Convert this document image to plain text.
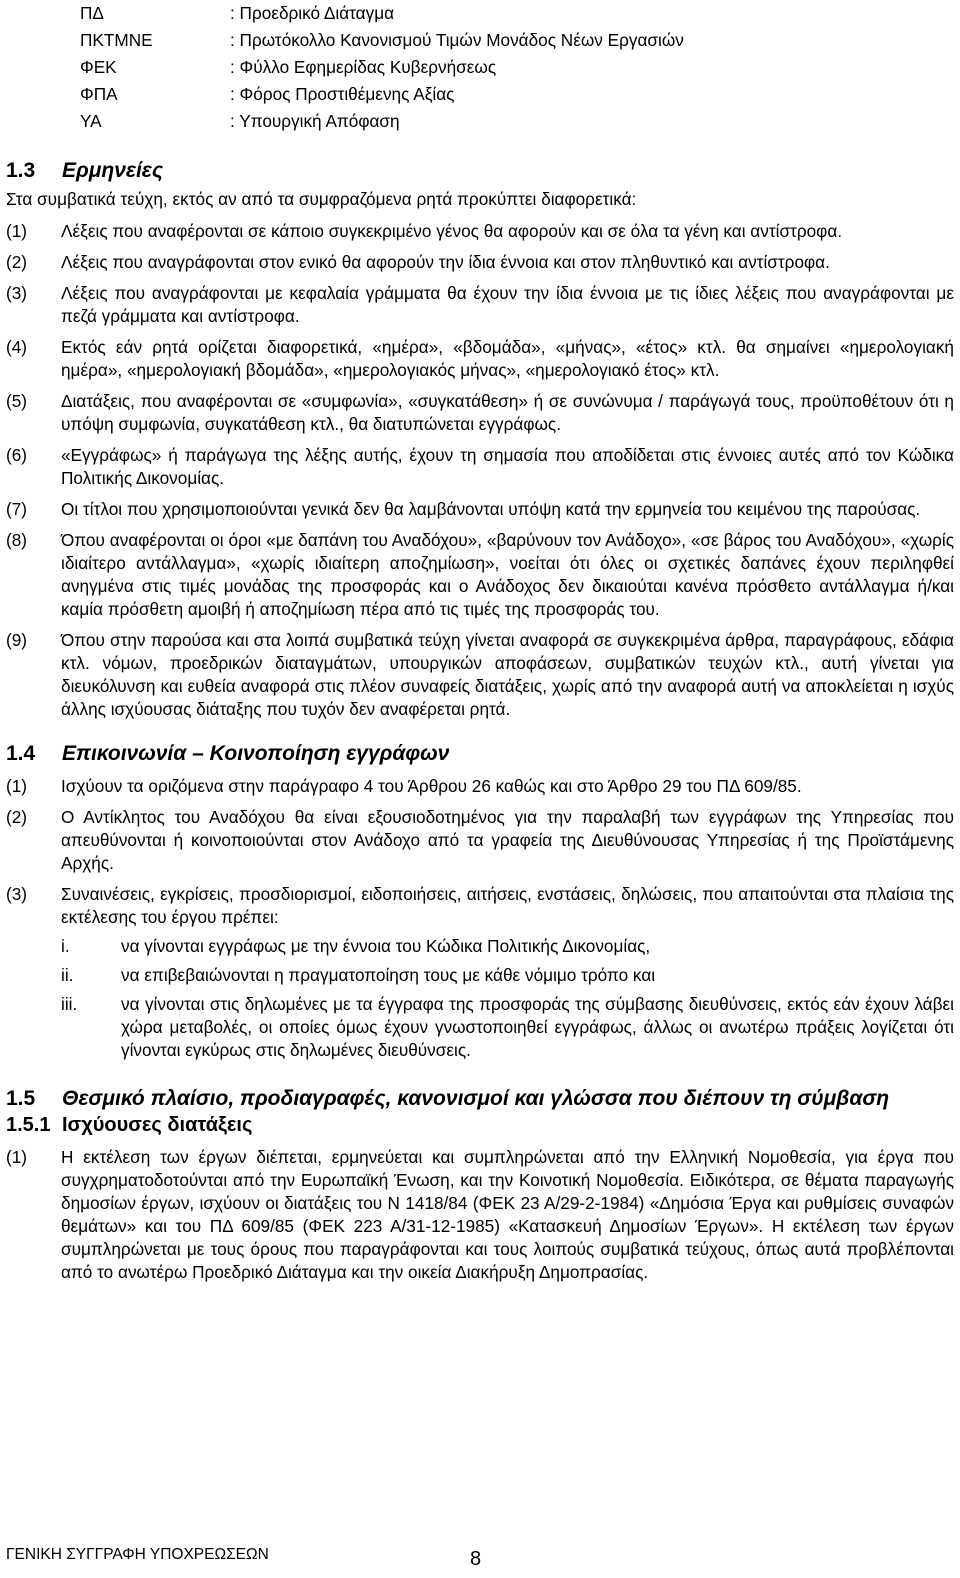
ΠΔ	: Προεδρικό Διάταγμα
ΠΚΤΜΝΕ	: Πρωτόκολλο Κανονισμού Τιμών Μονάδος Νέων Εργασιών
ΦΕΚ	: Φύλλο Εφημερίδας Κυβερνήσεως
ΦΠΑ	: Φόρος Προστιθέμενης Αξίας
ΥΑ	: Υπουργική Απόφαση
1.3 Ερμηνείες
Στα συμβατικά τεύχη, εκτός αν από τα συμφραζόμενα ρητά προκύπτει διαφορετικά:
(1)	Λέξεις που αναφέρονται σε κάποιο συγκεκριμένο γένος θα αφορούν και σε όλα τα γένη και αντίστροφα.
(2)	Λέξεις που αναγράφονται στον ενικό θα αφορούν την ίδια έννοια και στον πληθυντικό και αντίστροφα.
(3)	Λέξεις που αναγράφονται με κεφαλαία γράμματα θα έχουν την ίδια έννοια με τις ίδιες λέξεις που αναγράφονται με πεζά γράμματα και αντίστροφα.
(4)	Εκτός εάν ρητά ορίζεται διαφορετικά, «ημέρα», «βδομάδα», «μήνας», «έτος» κτλ. θα σημαίνει «ημερολογιακή ημέρα», «ημερολογιακή βδομάδα», «ημερολογιακός μήνας», «ημερολογιακό έτος» κτλ.
(5)	Διατάξεις, που αναφέρονται σε «συμφωνία», «συγκατάθεση» ή σε συνώνυμα / παράγωγά τους, προϋποθέτουν ότι η υπόψη συμφωνία, συγκατάθεση κτλ., θα διατυπώνεται εγγράφως.
(6)	«Εγγράφως» ή παράγωγα της λέξης αυτής, έχουν τη σημασία που αποδίδεται στις έννοιες αυτές από τον Κώδικα Πολιτικής Δικονομίας.
(7)	Οι τίτλοι που χρησιμοποιούνται γενικά δεν θα λαμβάνονται υπόψη κατά την ερμηνεία του κειμένου της παρούσας.
(8)	Όπου αναφέρονται οι όροι «με δαπάνη του Αναδόχου», «βαρύνουν τον Ανάδοχο», «σε βάρος του Αναδόχου», «χωρίς ιδιαίτερο αντάλλαγμα», «χωρίς ιδιαίτερη αποζημίωση», νοείται ότι όλες οι σχετικές δαπάνες έχουν περιληφθεί ανηγμένα στις τιμές μονάδας της προσφοράς και ο Ανάδοχος δεν δικαιούται κανένα πρόσθετο αντάλλαγμα ή/και καμία πρόσθετη αμοιβή ή αποζημίωση πέρα από τις τιμές της προσφοράς του.
(9)	Όπου στην παρούσα και στα λοιπά συμβατικά τεύχη γίνεται αναφορά σε συγκεκριμένα άρθρα, παραγράφους, εδάφια κτλ. νόμων, προεδρικών διαταγμάτων, υπουργικών αποφάσεων, συμβατικών τευχών κτλ., αυτή γίνεται για διευκόλυνση και ευθεία αναφορά στις πλέον συναφείς διατάξεις, χωρίς από την αναφορά αυτή να αποκλείεται η ισχύς άλλης ισχύουσας διάταξης που τυχόν δεν αναφέρεται ρητά.
1.4 Επικοινωνία – Κοινοποίηση εγγράφων
(1)	Ισχύουν τα οριζόμενα στην παράγραφο 4 του Άρθρου 26 καθώς και στο Άρθρο 29 του ΠΔ 609/85.
(2)	Ο Αντίκλητος του Αναδόχου θα είναι εξουσιοδοτημένος για την παραλαβή των εγγράφων της Υπηρεσίας που απευθύνονται ή κοινοποιούνται στον Ανάδοχο από τα γραφεία της Διευθύνουσας Υπηρεσίας ή της Προϊστάμενης Αρχής.
(3)	Συναινέσεις, εγκρίσεις, προσδιορισμοί, ειδοποιήσεις, αιτήσεις, ενστάσεις, δηλώσεις, που απαιτούνται στα πλαίσια της εκτέλεσης του έργου πρέπει:
i.	να γίνονται εγγράφως με την έννοια του Κώδικα Πολιτικής Δικονομίας,
ii.	να επιβεβαιώνονται η πραγματοποίηση τους με κάθε νόμιμο τρόπο και
iii.	να γίνονται στις δηλωμένες με τα έγγραφα της προσφοράς της σύμβασης διευθύνσεις, εκτός εάν έχουν λάβει χώρα μεταβολές, οι οποίες όμως έχουν γνωστοποιηθεί εγγράφως, άλλως οι ανωτέρω πράξεις λογίζεται ότι γίνονται εγκύρως στις δηλωμένες διευθύνσεις.
1.5 Θεσμικό πλαίσιο, προδιαγραφές, κανονισμοί και γλώσσα που διέπουν τη σύμβαση
1.5.1 Ισχύουσες διατάξεις
(1)	Η εκτέλεση των έργων διέπεται, ερμηνεύεται και συμπληρώνεται από την Ελληνική Νομοθεσία, για έργα που συγχρηματοδοτούνται από την Ευρωπαϊκή Ένωση, και την Κοινοτική Νομοθεσία. Ειδικότερα, σε θέματα παραγωγής δημοσίων έργων, ισχύουν οι διατάξεις του Ν 1418/84 (ΦΕΚ 23 Α/29-2-1984) «Δημόσια Έργα και ρυθμίσεις συναφών θεμάτων» και του ΠΔ 609/85 (ΦΕΚ 223 Α/31-12-1985) «Κατασκευή Δημοσίων Έργων». Η εκτέλεση των έργων συμπληρώνεται με τους όρους που παραγράφονται και τους λοιπούς συμβατικά τεύχους, όπως αυτά προβλέπονται από το ανωτέρω Προεδρικό Διάταγμα και την οικεία Διακήρυξη Δημοπρασίας.
ΓΕΝΙΚΗ ΣΥΓΓΡΑΦΗ ΥΠΟΧΡΕΩΣΕΩΝ	8
